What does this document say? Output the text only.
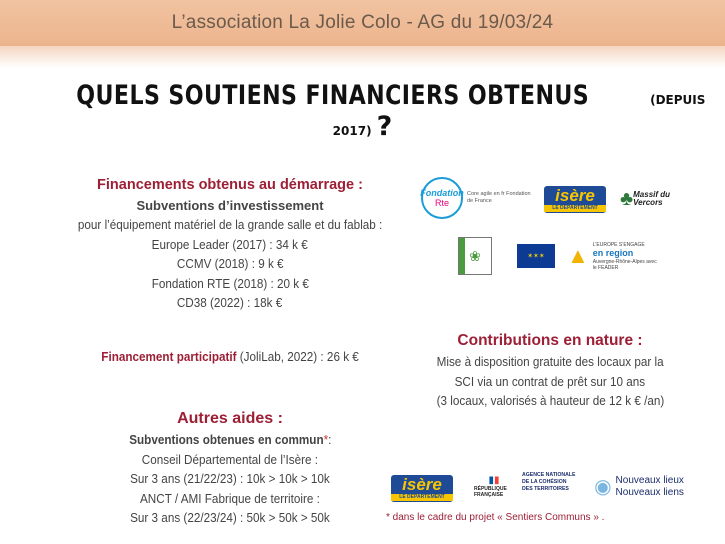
L’association La Jolie Colo - AG du 19/03/24
QUELS SOUTIENS FINANCIERS OBTENUS	(DEPUIS 2017) ?
Financements obtenus au démarrage :
Subventions d’investissement
pour l’équipement matériel de la grande salle et du fablab :
Europe Leader (2017) : 34 k €
CCMV (2018) : 9 k €
Fondation RTE (2018) : 20 k €
CD38 (2022) : 18k €
Financement participatif (JoliLab, 2022) : 26 k €
Autres aides :
Subventions obtenues en commun*:
Conseil Départemental de l’Isère :
Sur 3 ans (21/22/23) : 10k > 10k > 10k
ANCT / AMI Fabrique de territoire :
Sur 3 ans (22/23/24) : 50k > 50k > 50k
Contributions en nature :
Mise à disposition gratuite des locaux par la
SCI via un contrat de prêt sur 10 ans
(3 locaux, valorisés à hauteur de 12 k € /an)
* dans le cadre du projet « Sentiers Communs » .
Fondation
Rte
Core agile en fr Fondation de France	isère
LE DÉPARTEMENT	♣ Massif du Vercors
❀	✶✶✶	▲ L’EUROPE S’ENGAGE
en region
Auvergne-Rhône-Alpes avec le FEADER
isère
LE DÉPARTEMENT
▮▮
RÉPUBLIQUE
FRANÇAISE
AGENCE NATIONALE DE LA COHÉSION DES TERRITOIRES	◉ Nouveaux lieux
Nouveaux liens
